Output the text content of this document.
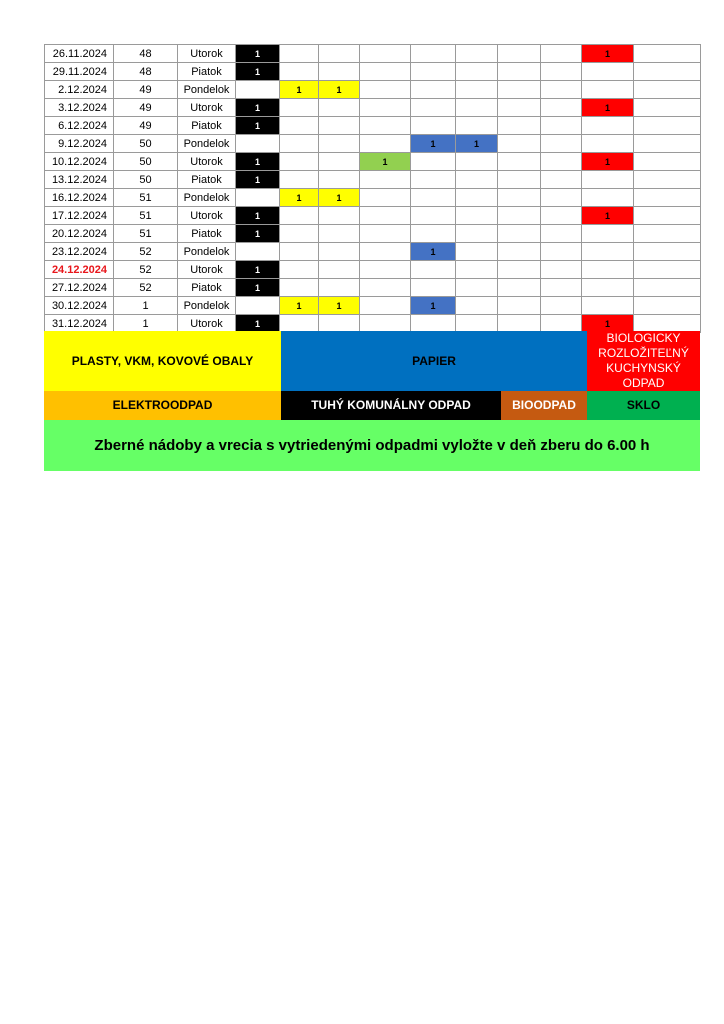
26.11.2024	48	Utorok	1								1	
29.11.2024	48	Piatok	1									
2.12.2024	49	Pondelok		1	1							
3.12.2024	49	Utorok	1								1	
6.12.2024	49	Piatok	1									
9.12.2024	50	Pondelok					1	1				
10.12.2024	50	Utorok	1			1					1	
13.12.2024	50	Piatok	1									
16.12.2024	51	Pondelok		1	1							
17.12.2024	51	Utorok	1								1	
20.12.2024	51	Piatok	1									
23.12.2024	52	Pondelok					1					
24.12.2024	52	Utorok	1									
27.12.2024	52	Piatok	1									
30.12.2024	1	Pondelok		1	1		1					
31.12.2024	1	Utorok	1								1	
PLASTY, VKM, KOVOVÉ OBALY	PAPIER		BIOLOGICKY
ROZLOŽITEĽNÝ
KUCHYNSKÝ ODPAD

ELEKTROODPAD	TUHÝ KOMUNÁLNY ODPAD	BIOODPAD	SKLO
Zberné nádoby a vrecia s vytriedenými odpadmi vyložte v deň zberu do 6.00 h			
